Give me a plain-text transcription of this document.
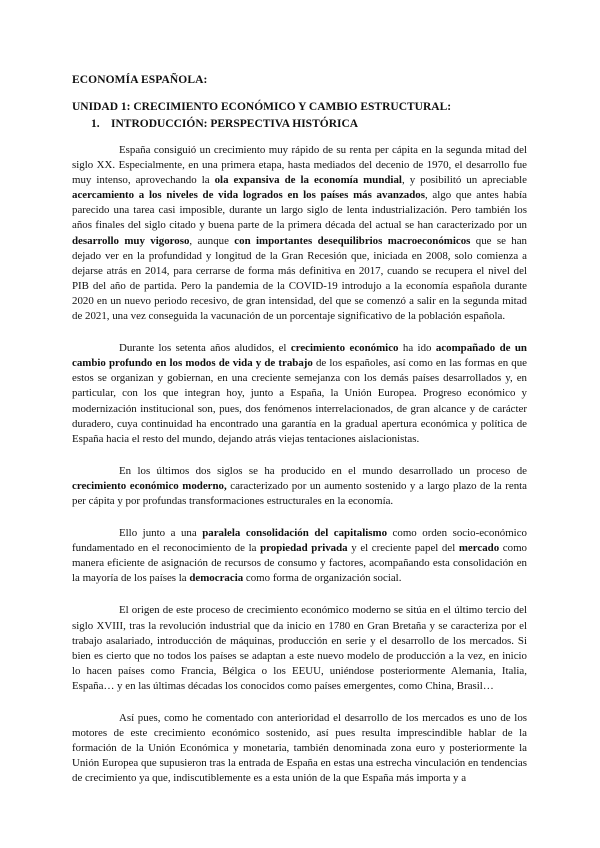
ECONOMÍA ESPAÑOLA:
UNIDAD 1: CRECIMIENTO ECONÓMICO Y CAMBIO ESTRUCTURAL:
1. INTRODUCCIÓN: PERSPECTIVA HISTÓRICA

España consiguió un crecimiento muy rápido de su renta per cápita en la segunda mitad del siglo XX. Especialmente, en una primera etapa, hasta mediados del decenio de 1970, el desarrollo fue muy intenso, aprovechando la ola expansiva de la economía mundial, y posibilitó un apreciable acercamiento a los niveles de vida logrados en los países más avanzados, algo que antes había parecido una tarea casi imposible, durante un largo siglo de lenta industrialización. Pero también los años finales del siglo citado y buena parte de la primera década del actual se han caracterizado por un desarrollo muy vigoroso, aunque con importantes desequilibrios macroeconómicos que se han dejado ver en la profundidad y longitud de la Gran Recesión que, iniciada en 2008, solo comienza a dejarse atrás en 2014, para cerrarse de forma más definitiva en 2017, cuando se recupera el nivel del PIB del año de partida. Pero la pandemia de la COVID-19 introdujo a la economía española durante 2020 en un nuevo periodo recesivo, de gran intensidad, del que se comenzó a salir en la segunda mitad de 2021, una vez conseguida la vacunación de un porcentaje significativo de la población española.

Durante los setenta años aludidos, el crecimiento económico ha ido acompañado de un cambio profundo en los modos de vida y de trabajo de los españoles, así como en las formas en que estos se organizan y gobiernan, en una creciente semejanza con los demás países desarrollados y, en particular, con los que integran hoy, junto a España, la Unión Europea. Progreso económico y modernización institucional son, pues, dos fenómenos interrelacionados, de gran alcance y de carácter duradero, cuya continuidad ha encontrado una garantía en la gradual apertura económica y política de España hacia el resto del mundo, dejando atrás viejas tentaciones aislacionistas.

En los últimos dos siglos se ha producido en el mundo desarrollado un proceso de crecimiento económico moderno, caracterizado por un aumento sostenido y a largo plazo de la renta per cápita y por profundas transformaciones estructurales en la economía.

Ello junto a una paralela consolidación del capitalismo como orden socio-económico fundamentado en el reconocimiento de la propiedad privada y el creciente papel del mercado como manera eficiente de asignación de recursos de consumo y factores, acompañando esta consolidación en la mayoría de los países la democracia como forma de organización social.

El origen de este proceso de crecimiento económico moderno se sitúa en el último tercio del siglo XVIII, tras la revolución industrial que da inicio en 1780 en Gran Bretaña y se caracteriza por el trabajo asalariado, introducción de máquinas, producción en serie y el desarrollo de los mercados. Si bien es cierto que no todos los países se adaptan a este nuevo modelo de producción a la vez, en inicio lo hacen países como Francia, Bélgica o los EEUU, uniéndose posteriormente Alemania, Italia, España… y en las últimas décadas los conocidos como países emergentes, como China, Brasil…

Así pues, como he comentado con anterioridad el desarrollo de los mercados es uno de los motores de este crecimiento económico sostenido, así pues resulta imprescindible hablar de la formación de la Unión Económica y monetaria, también denominada zona euro y posteriormente la Unión Europea que supusieron tras la entrada de España en estas una estrecha vinculación en tendencias de crecimiento ya que, indiscutiblemente es a esta unión de la que España más importa y a
